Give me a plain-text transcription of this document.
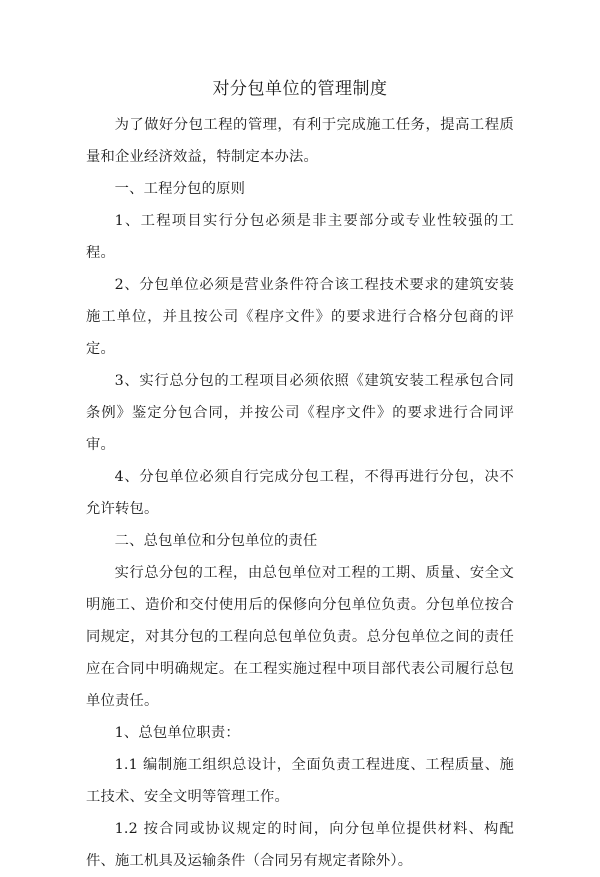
对分包单位的管理制度

为了做好分包工程的管理，有利于完成施工任务，提高工程质量和企业经济效益，特制定本办法。

一、工程分包的原则

1、工程项目实行分包必须是非主要部分或专业性较强的工程。

2、分包单位必须是营业条件符合该工程技术要求的建筑安装施工单位，并且按公司《程序文件》的要求进行合格分包商的评定。

3、实行总分包的工程项目必须依照《建筑安装工程承包合同条例》鉴定分包合同，并按公司《程序文件》的要求进行合同评审。

4、分包单位必须自行完成分包工程，不得再进行分包，决不允许转包。

二、总包单位和分包单位的责任

实行总分包的工程，由总包单位对工程的工期、质量、安全文明施工、造价和交付使用后的保修向分包单位负责。分包单位按合同规定，对其分包的工程向总包单位负责。总分包单位之间的责任应在合同中明确规定。在工程实施过程中项目部代表公司履行总包单位责任。

1、总包单位职责：

1.1 编制施工组织总设计，全面负责工程进度、工程质量、施工技术、安全文明等管理工作。

1.2 按合同或协议规定的时间，向分包单位提供材料、构配件、施工机具及运输条件（合同另有规定者除外）。
